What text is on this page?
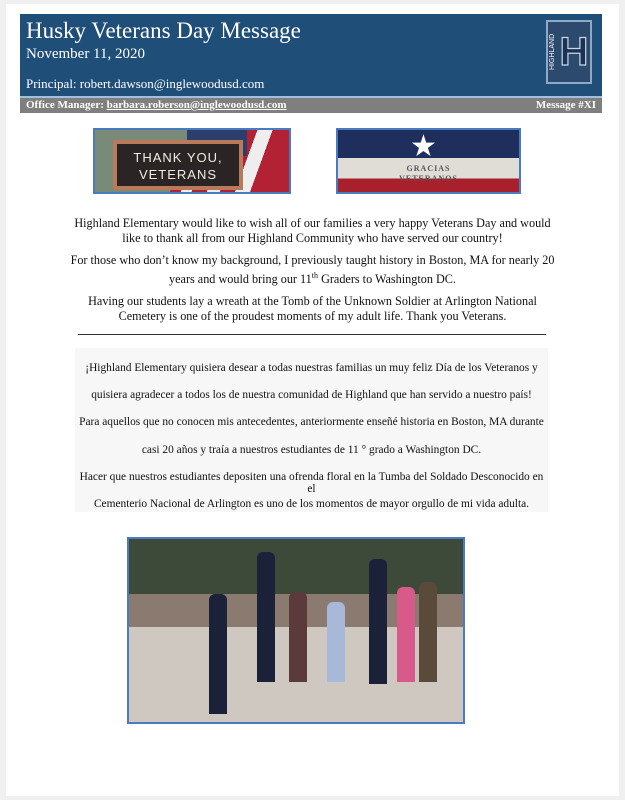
Husky Veterans Day Message
November 11, 2020
Principal: robert.dawson@inglewoodusd.com
HIGHLAND H
Office Manager: barbara.roberson@inglewoodusd.com	Message #XI
THANK YOU,
VETERANS
★
GRACIAS
VETERANOS

Highland Elementary would like to wish all of our families a very happy Veterans Day and would like to thank all from our Highland Community who have served our country!

For those who don’t know my background, I previously taught history in Boston, MA for nearly 20 years and would bring our 11th Graders to Washington DC.

Having our students lay a wreath at the Tomb of the Unknown Soldier at Arlington National Cemetery is one of the proudest moments of my adult life. Thank you Veterans.

¡Highland Elementary quisiera desear a todas nuestras familias un muy feliz Día de los Veteranos y
quisiera agradecer a todos los de nuestra comunidad de Highland que han servido a nuestro país!
Para aquellos que no conocen mis antecedentes, anteriormente enseñé historia en Boston, MA durante
casi 20 años y traía a nuestros estudiantes de 11 ° grado a Washington DC.
Hacer que nuestros estudiantes depositen una ofrenda floral en la Tumba del Soldado Desconocido en el
Cementerio Nacional de Arlington es uno de los momentos de mayor orgullo de mi vida adulta.
